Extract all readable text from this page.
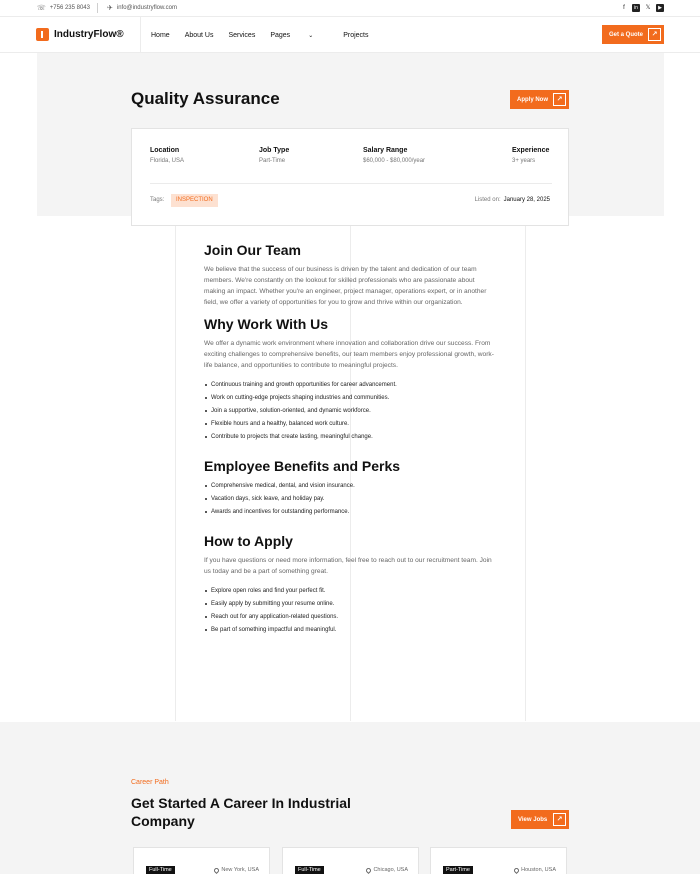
☏ +756 235 8043 ✈ info@industryflow.com	f	in	𝕏	▶
IndustryFlow®	Home About Us Services Pages	⌄	Projects	Get a Quote	↗
Quality Assurance	Apply Now	↗
Location
Florida, USA
Job Type
Part-Time
Salary Range
$60,000 - $80,000/year
Experience
3+ years
Tags:	INSPECTION	Listed on: January 28, 2025
Join Our Team

We believe that the success of our business is driven by the talent and dedication of our team members. We're constantly on the lookout for skilled professionals who are passionate about making an impact. Whether you're an engineer, project manager, operations expert, or in another field, we offer a variety of opportunities for you to grow and thrive within our organization.

Why Work With Us

We offer a dynamic work environment where innovation and collaboration drive our success. From exciting challenges to comprehensive benefits, our team members enjoy professional growth, work-life balance, and opportunities to contribute to meaningful projects.

Continuous training and growth opportunities for career advancement.
Work on cutting-edge projects shaping industries and communities.
Join a supportive, solution-oriented, and dynamic workforce.
Flexible hours and a healthy, balanced work culture.
Contribute to projects that create lasting, meaningful change.
Employee Benefits and Perks
Comprehensive medical, dental, and vision insurance.
Vacation days, sick leave, and holiday pay.
Awards and incentives for outstanding performance.
How to Apply

If you have questions or need more information, feel free to reach out to our recruitment team. Join us today and be a part of something great.

Explore open roles and find your perfect fit.
Easily apply by submitting your resume online.
Reach out for any application-related questions.
Be part of something impactful and meaningful.
Career Path
Get Started A Career In Industrial Company	View Jobs	↗
Full-Time	New York, USA	Full-Time	Chicago, USA	Part-Time	Houston, USA
